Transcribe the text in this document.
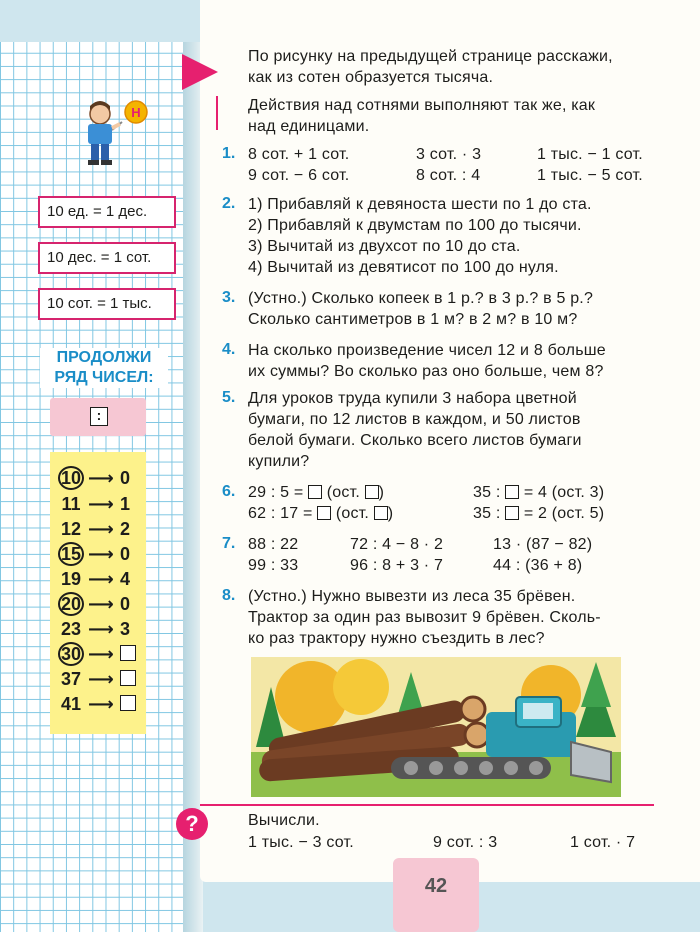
Н
10 ед. = 1 дес.
10 дес. = 1 сот.
10 сот. = 1 тыс.
ПРОДОЛЖИ
РЯД ЧИСЕЛ:
:
10 ⟶ 0
11 ⟶ 1
12 ⟶ 2
15 ⟶ 0
19 ⟶ 4
20 ⟶ 0
23 ⟶ 3
30 ⟶
37 ⟶
41 ⟶
По рисунку на предыдущей странице расскажи,
как из сотен образуется тысяча.
Действия над сотнями выполняют так же, как
над единицами.
1. 8 сот. + 1 сот.	3 сот. · 3	1 тыс. − 1 сот.
9 сот. − 6 сот.	8 сот. : 4	1 тыс. − 5 сот.
2. 1) Прибавляй к девяноста шести по 1 до ста.
2) Прибавляй к двумстам по 100 до тысячи.
3) Вычитай из двухсот по 10 до ста.
4) Вычитай из девятисот по 100 до нуля.
3. (Устно.) Сколько копеек в 1 р.? в 3 р.? в 5 р.?
Сколько сантиметров в 1 м? в 2 м? в 10 м?
4. На сколько произведение чисел 12 и 8 больше
их суммы? Во сколько раз оно больше, чем 8?
5. Для уроков труда купили 3 набора цветной
бумаги, по 12 листов в каждом, и 50 листов
белой бумаги. Сколько всего листов бумаги
купили?
6. 29 : 5 = (ост. )	35 : = 4 (ост. 3)
62 : 17 = (ост. )	35 : = 2 (ост. 5)
7. 88 : 22	72 : 4 − 8 · 2	13 · (87 − 82)
99 : 33	96 : 8 + 3 · 7	44 : (36 + 8)
8. (Устно.) Нужно вывезти из леса 35 брёвен.
Трактор за один раз вывозит 9 брёвен. Сколь-
ко раз трактору нужно съездить в лес?
?	Вычисли.
1 тыс. − 3 сот.	9 сот. : 3	1 сот. · 7
42
